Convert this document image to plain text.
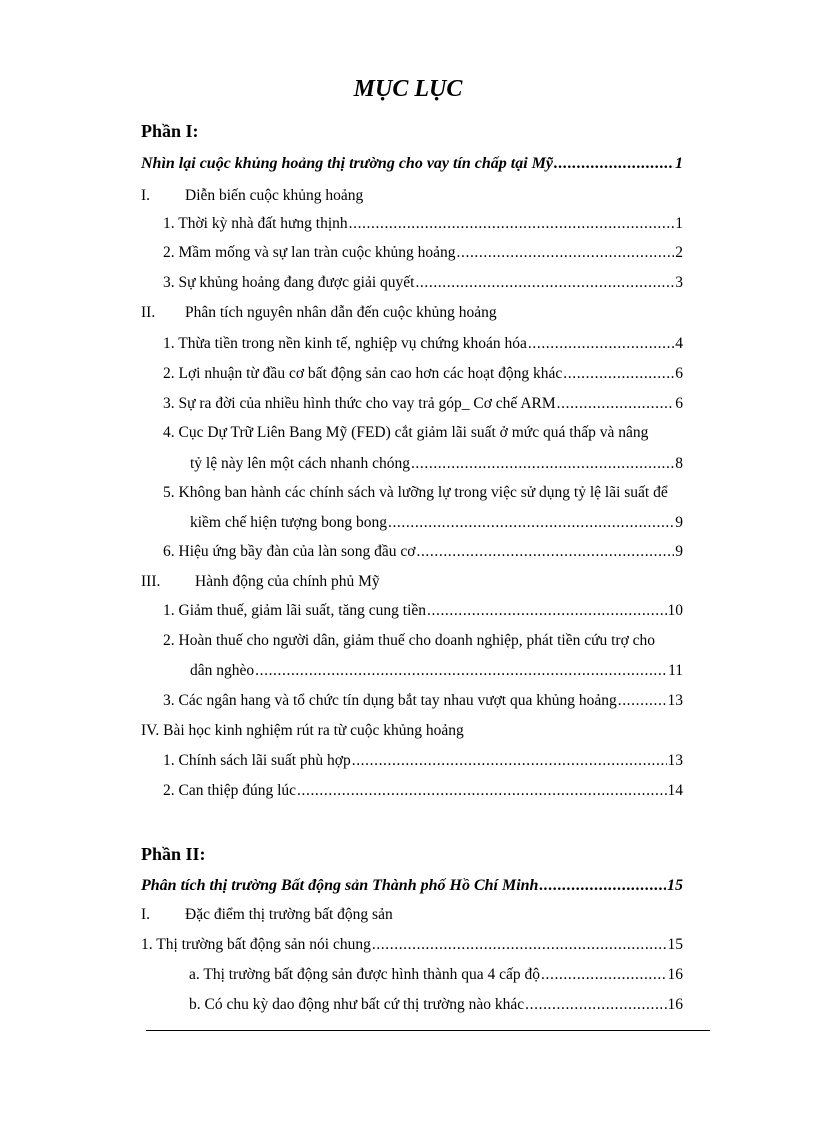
MỤC LỤC
Phần I:
Nhìn lại cuộc khủng hoảng thị trường cho vay tín chấp tại Mỹ .....	1
I. Diễn biến cuộc khủng hoảng
1. Thời kỳ nhà đất hưng thịnh .....	1
2. Mầm mống và sự lan tràn cuộc khủng hoảng .....	2
3. Sự khủng hoảng đang được giải quyết .....	3
II. Phân tích nguyên nhân dẫn đến cuộc khủng hoảng
1. Thừa tiền trong nền kinh tế, nghiệp vụ chứng khoán hóa .....	4
2. Lợi nhuận từ đầu cơ bất động sản cao hơn các hoạt động khác .....	6
3. Sự ra đời của nhiều hình thức cho vay trả góp_ Cơ chế ARM .....	6
4. Cục Dự Trữ Liên Bang Mỹ (FED) cắt giảm lãi suất ở mức quá thấp và nâng
tỷ lệ này lên một cách nhanh chóng .....	8
5. Không ban hành các chính sách và lưỡng lự trong việc sử dụng tỷ lệ lãi suất để
kiềm chế hiện tượng bong bong .....	9
6. Hiệu ứng bầy đàn của làn song đầu cơ .....	9
III. Hành động của chính phủ Mỹ
1. Giảm thuế, giảm lãi suất, tăng cung tiền .....	10
2. Hoàn thuế cho người dân, giảm thuế cho doanh nghiệp, phát tiền cứu trợ cho
dân nghèo .....	11
3. Các ngân hang và tổ chức tín dụng bắt tay nhau vượt qua khủng hoảng .....	13
IV. Bài học kinh nghiệm rút ra từ cuộc khủng hoảng
1. Chính sách lãi suất phù hợp .....	13
2. Can thiệp đúng lúc .....	14
Phần II:
Phân tích thị trường Bất động sản Thành phố Hồ Chí Minh .....	15
I. Đặc điểm thị trường bất động sản
1. Thị trường bất động sản nói chung .....	15
a. Thị trường bất động sản được hình thành qua 4 cấp độ .....	16
b. Có chu kỳ dao động như bất cứ thị trường nào khác .....	16
